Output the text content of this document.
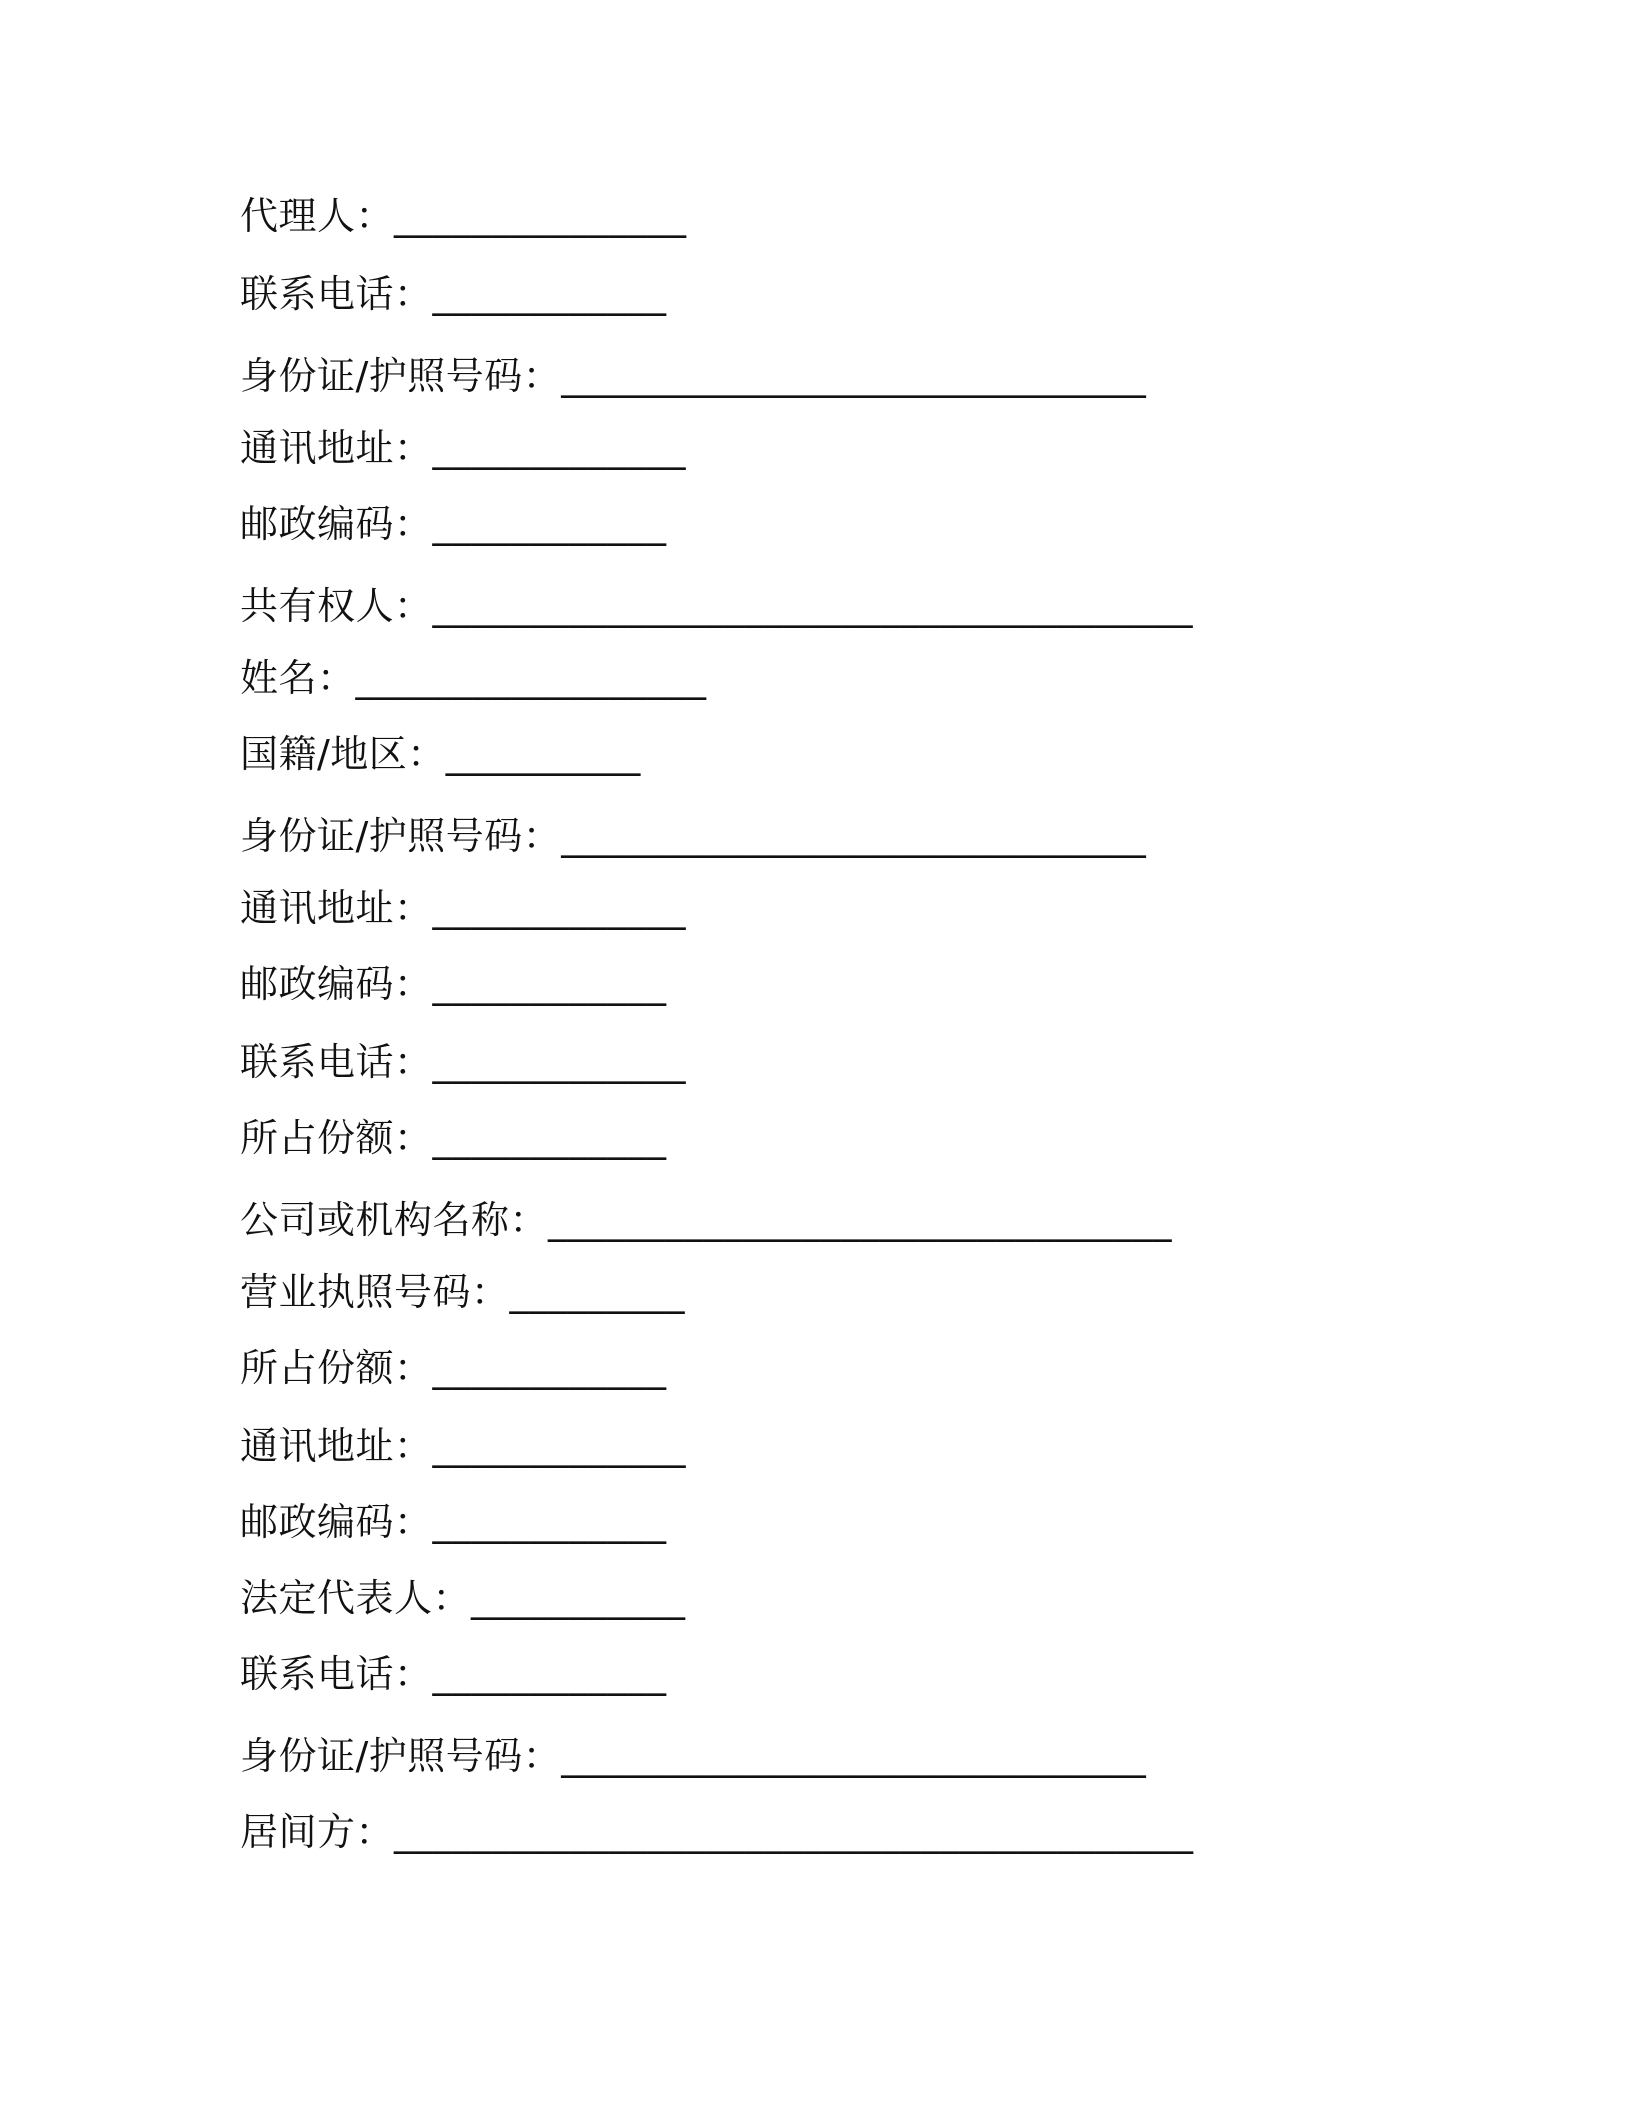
代理人：_______________
联系电话：____________
身份证/护照号码：______________________________
通讯地址：_____________
邮政编码：____________
共有权人：_______________________________________
姓名：__________________
国籍/地区：__________
身份证/护照号码：______________________________
通讯地址：_____________
邮政编码：____________
联系电话：_____________
所占份额：____________
公司或机构名称：________________________________
营业执照号码：_________
所占份额：____________
通讯地址：_____________
邮政编码：____________
法定代表人：___________
联系电话：____________
身份证/护照号码：______________________________
居间方：_________________________________________
